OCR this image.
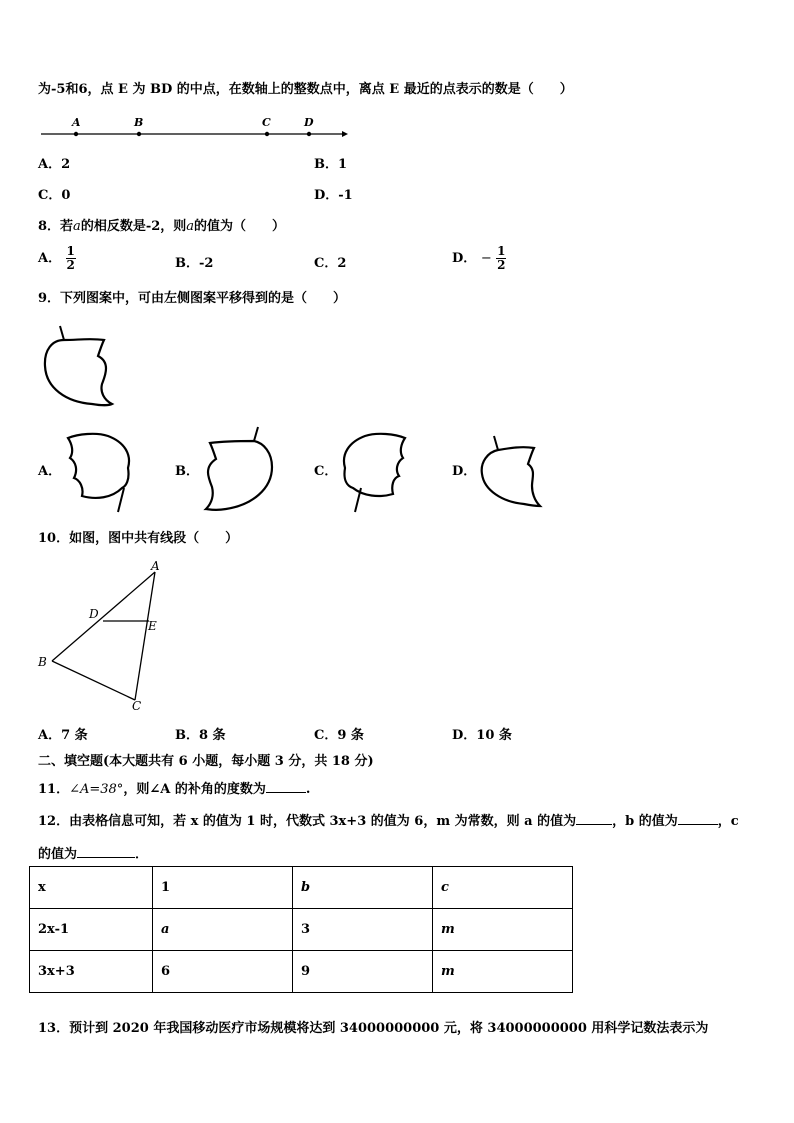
为-5和6，点 E 为 BD 的中点，在数轴上的整数点中，离点 E 最近的点表示的数是（　　）
A	B	C	D
A．2	B．1
C．0	D．-1
8．若a的相反数是-2，则a的值为（　　）
A． $\frac{1}{2}$	B．-2	C．2	D． − $\frac{1}{2}$
9．下列图案中，可由左侧图案平移得到的是（　　）
A．	B．	C．	D．
10．如图，图中共有线段（　　）
A
D
E
B
C
A．7 条	B．8 条	C．9 条	D．10 条
二、填空题(本大题共有 6 小题，每小题 3 分，共 18 分)
11．∠A=38°，则∠A 的补角的度数为	.
12．由表格信息可知，若 x 的值为 1 时，代数式 3x+3 的值为 6，m 为常数，则 a 的值为	，b 的值为	，c
的值为	．
x	1	b	c
2x-1	a	3	m
3x+3	6	9	m
13．预计到 2020 年我国移动医疗市场规模将达到 34000000000 元，将 34000000000 用科学记数法表示为
